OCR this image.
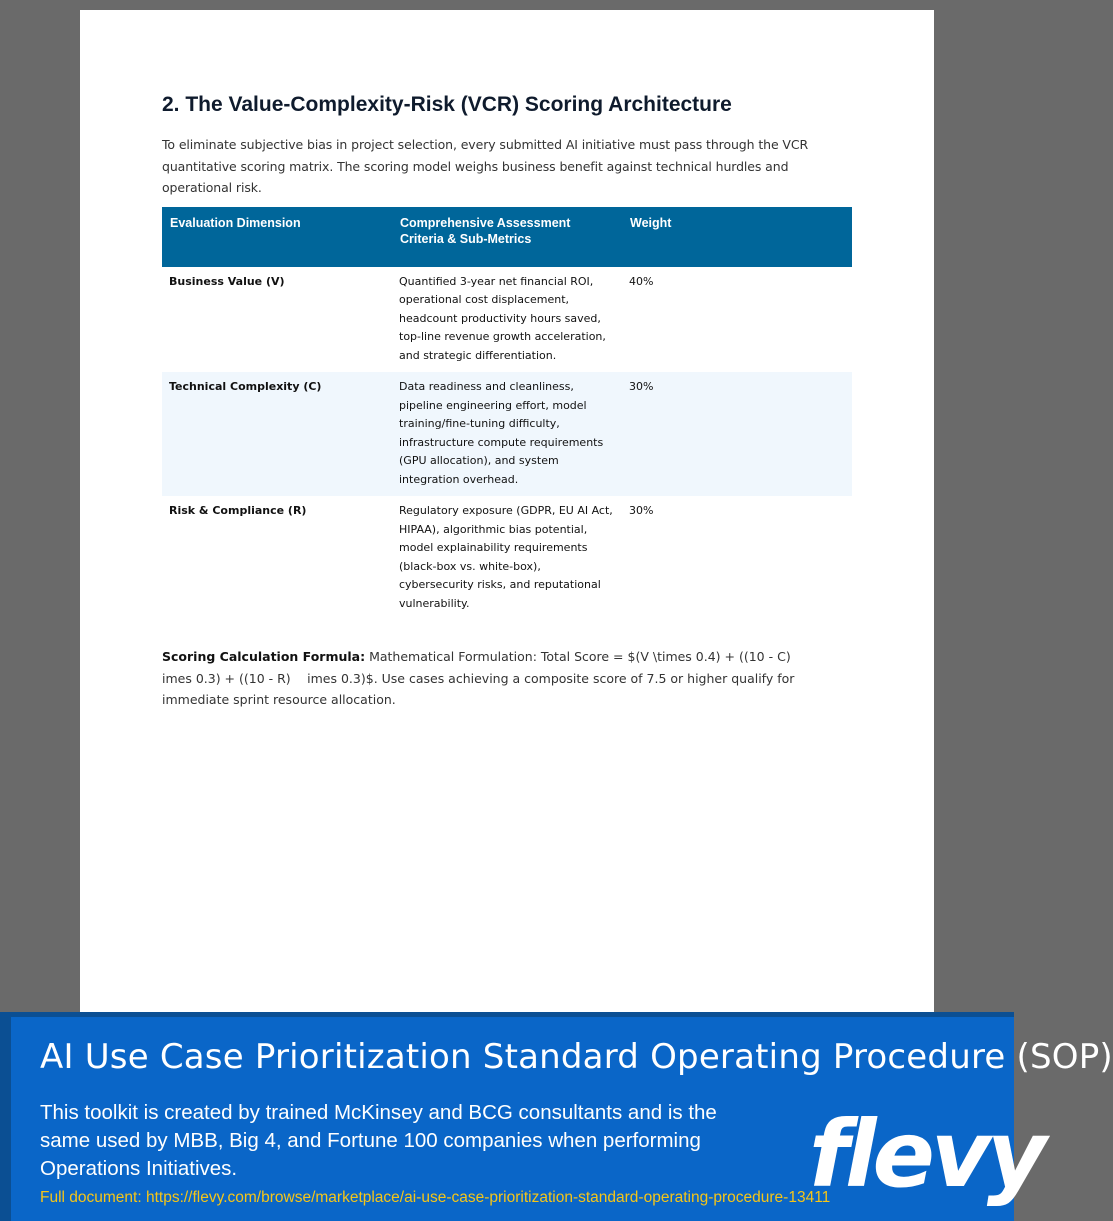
2. The Value-Complexity-Risk (VCR) Scoring Architecture

To eliminate subjective bias in project selection, every submitted AI initiative must pass through the VCR quantitative scoring matrix. The scoring model weighs business benefit against technical hurdles and operational risk.

Evaluation Dimension	Comprehensive Assessment Criteria & Sub-Metrics	Weight
Business Value (V)	Quantified 3-year net financial ROI, operational cost displacement, headcount productivity hours saved, top-line revenue growth acceleration, and strategic differentiation.	40%
Technical Complexity (C)	Data readiness and cleanliness, pipeline engineering effort, model training/fine-tuning difficulty, infrastructure compute requirements (GPU allocation), and system integration overhead.	30%
Risk & Compliance (R)	Regulatory exposure (GDPR, EU AI Act, HIPAA), algorithmic bias potential, model explainability requirements (black-box vs. white-box), cybersecurity risks, and reputational vulnerability.	30%

Scoring Calculation Formula: Mathematical Formulation: Total Score = $(V \times 0.4) + ((10 - C)    imes 0.3) + ((10 - R)  imes 0.3)$. Use cases achieving a composite score of 7.5 or higher qualify for immediate sprint resource allocation.

AI Use Case Prioritization Standard Operating Procedure (SOP)
This toolkit is created by trained McKinsey and BCG consultants and is the same used by MBB, Big 4, and Fortune 100 companies when performing Operations Initiatives.
Full document: https://flevy.com/browse/marketplace/ai-use-case-prioritization-standard-operating-procedure-13411
flevy
